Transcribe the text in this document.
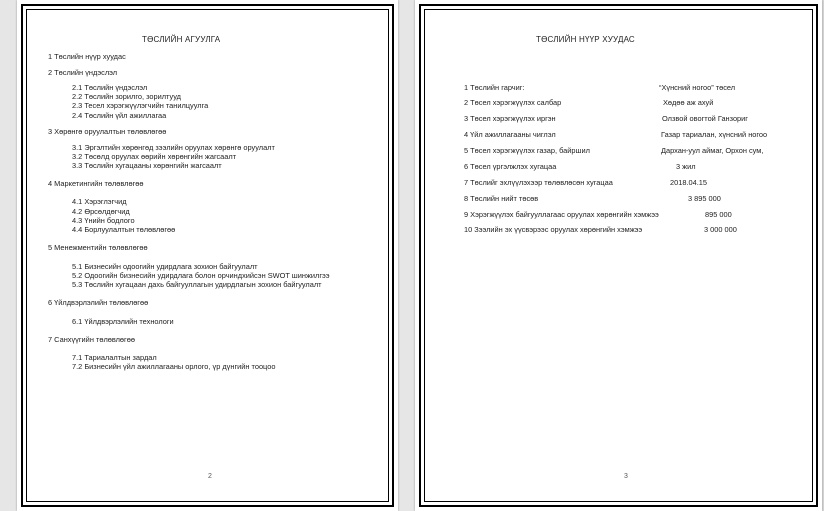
ТӨСЛИЙН АГУУЛГА
1 Төслийн нүүр хуудас
2 Төслийн үндэслэл
2.1 Төслийн үндэслэл
2.2 Төслийн зорилго, зорилтууд
2.3 Тесел хэрэгжүүлэгчийн танилцуулга
2.4 Төслийн үйл ажиллагаа
3 Хөрөнгө оруулалтын төлөвлөгөө
3.1 Эргэлтийн хөрөнгөд зээлийн оруулах хөрөнгө оруулалт
3.2 Төсөлд оруулах өөрийн хөрөнгийн жагсаалт
3.3 Төслийн хугацааны хөрөнгийн жагсаалт
4 Маркетингийн төлөвлөгөө
4.1 Хэрэглэгчид
4.2 Өрсөлдөгчид
4.3 Үнийн бодлого
4.4 Борлуулалтын төлөвлөгөө
5 Менежментийн төлөвлөгөө
5.1 Бизнесийн одоогийн удирдлага зохион байгуулалт
5.2 Одоогийн бизнесийн удирдлага болон орчиндхийсэн SWOT шинжилгээ
5.3 Төслийн хугацаан дахь байгууллагын удирдлагын зохион байгуулалт
6 Үйлдвэрлэлийн төлөвлөгөө
6.1 Үйлдвэрлэлийн технологи
7 Санхүүгийн төлөвлөгөө
7.1 Тариалалтын зардал
7.2 Бизнесийн үйл ажиллагааны орлого, үр дүнгийн тооцоо
2
ТӨСЛИЙН НҮҮР ХУУДАС
1 Төслийн гарчиг:	“Хүнсний ногоо” төсел
2 Төсел хэрэгжүүлэх салбар	Хөдөө аж ахуй
3 Төсел хэрэгжүүлэх иргэн	Олзвой овогтой Ганзориг
4 Үйл ажиллагааны чиглэл	Газар тариалан, хүнсний ногоо
5 Төсел хэрэгжүүлэх газар, байршил	Дархан-уул аймаг, Орхон сум,
6 Төсел үргэлжлэх хугацаа	3 жил
7 Төслийг эхлүүлэхээр төлөвлөсөн хугацаа	2018.04.15
8 Төслийн нийт төсөв	3 895 000
9 Хэрэгжүүлэх байгууллагаас оруулах хөрөнгийн хэмжээ	895 000
10 Зээлийн эх үүсвэрээс оруулах хөрөнгийн хэмжээ	3 000 000
3
